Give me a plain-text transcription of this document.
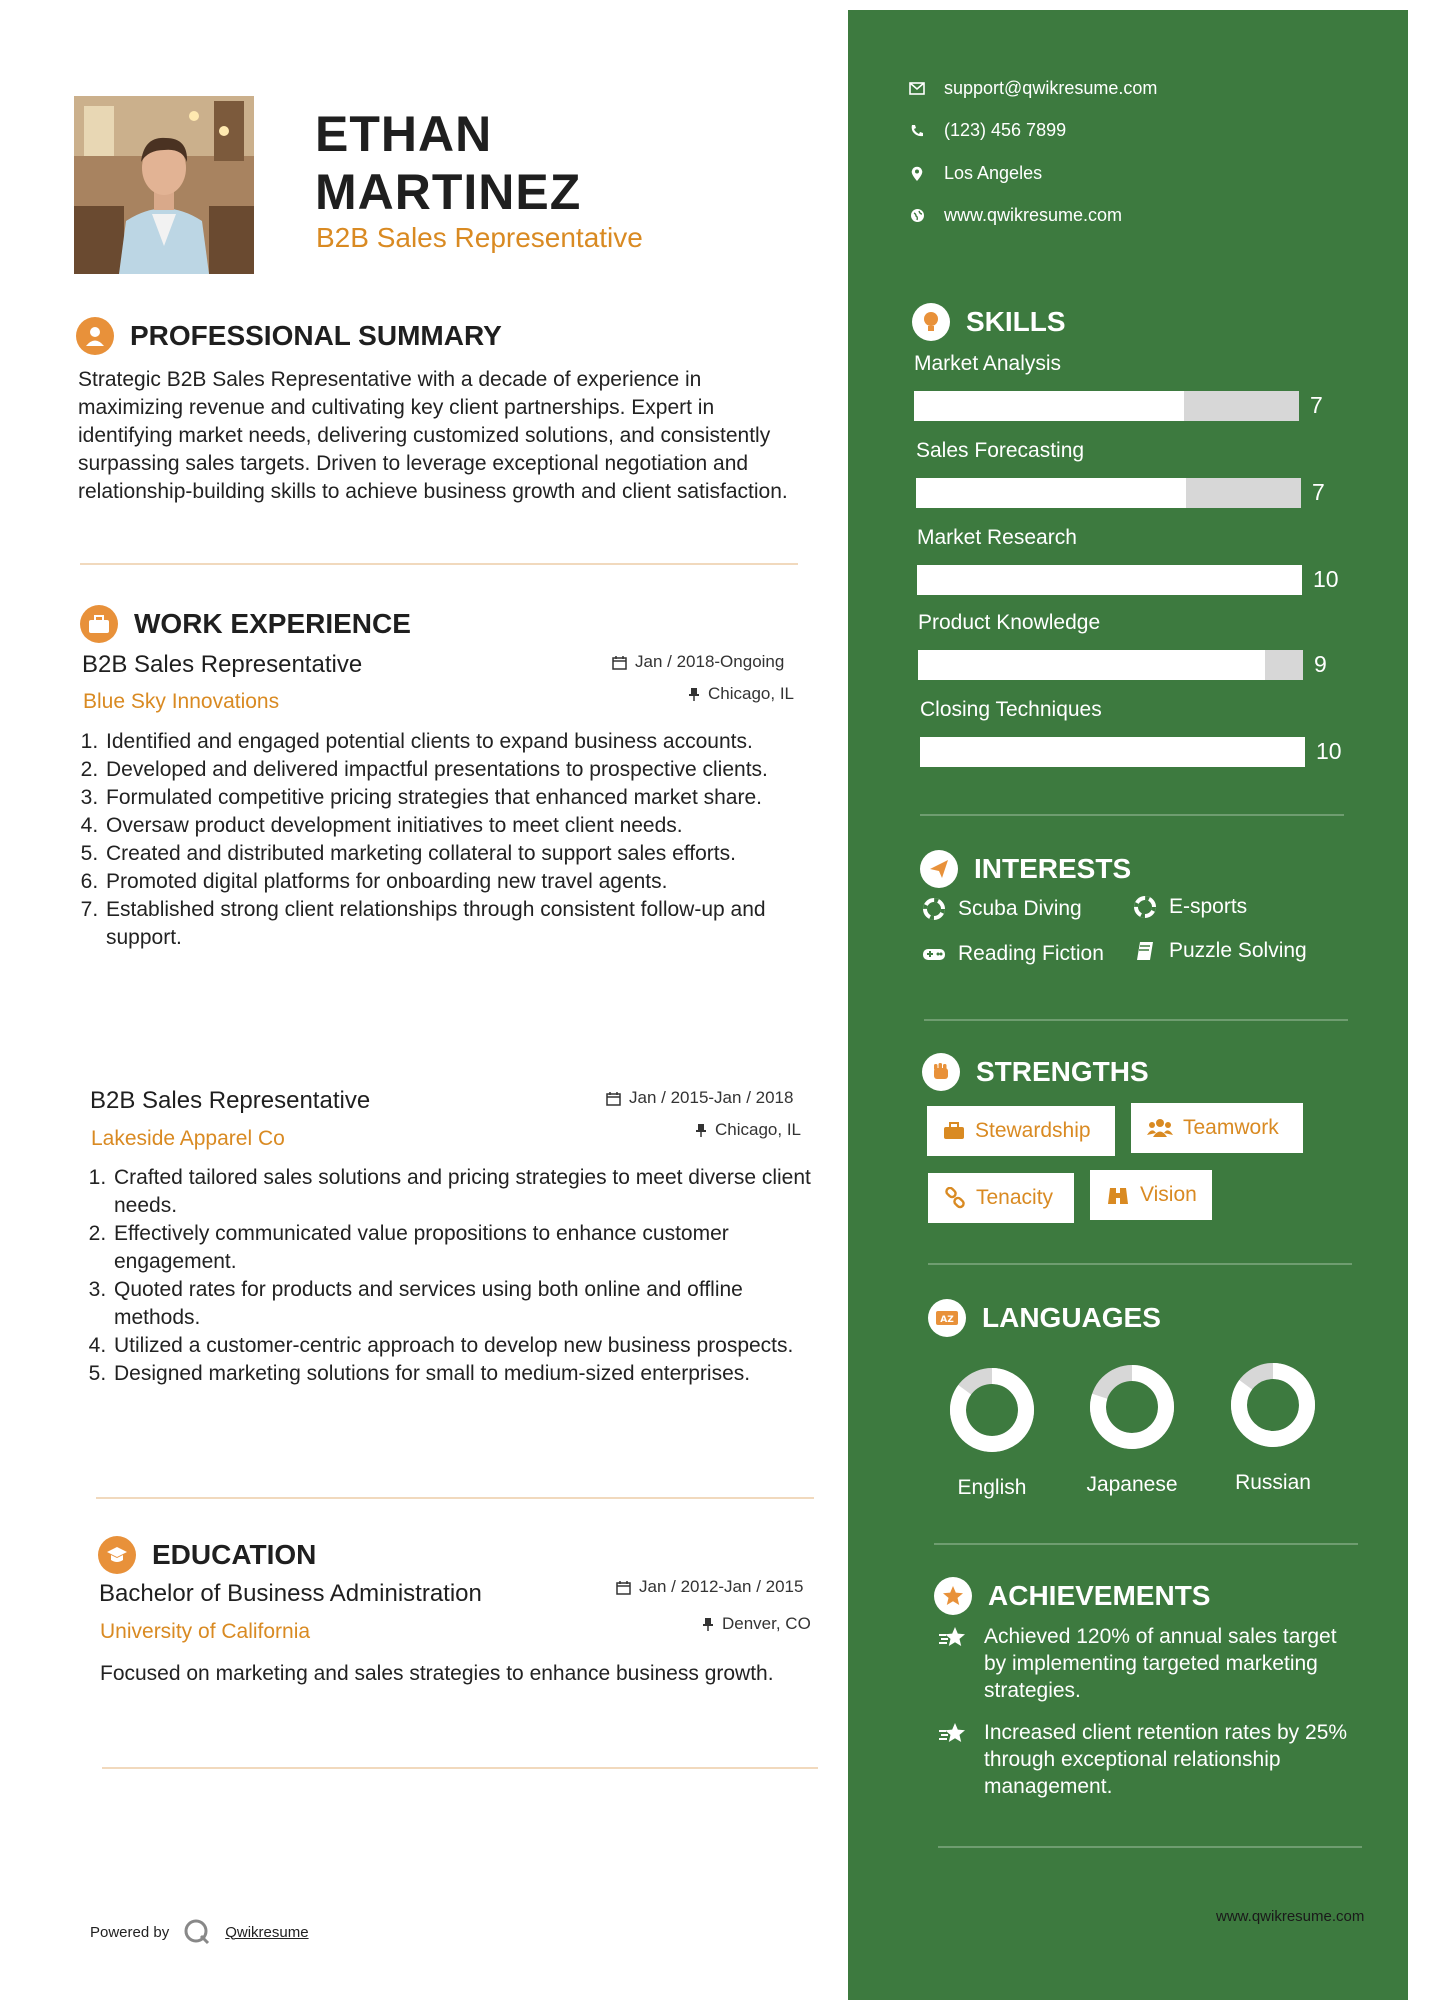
ETHAN
MARTINEZ
B2B Sales Representative
PROFESSIONAL SUMMARY
Strategic B2B Sales Representative with a decade of experience in maximizing revenue and cultivating key client partnerships. Expert in identifying market needs, delivering customized solutions, and consistently surpassing sales targets. Driven to leverage exceptional negotiation and relationship-building skills to achieve business growth and client satisfaction.
WORK EXPERIENCE
B2B Sales Representative
Blue Sky Innovations
Jan / 2018-Ongoing
Chicago, IL
1. Identified and engaged potential clients to expand business accounts.
2. Developed and delivered impactful presentations to prospective clients.
3. Formulated competitive pricing strategies that enhanced market share.
4. Oversaw product development initiatives to meet client needs.
5. Created and distributed marketing collateral to support sales efforts.
6. Promoted digital platforms for onboarding new travel agents.
7. Established strong client relationships through consistent follow-up and support.
B2B Sales Representative
Lakeside Apparel Co
Jan / 2015-Jan / 2018
Chicago, IL
1. Crafted tailored sales solutions and pricing strategies to meet diverse client needs.
2. Effectively communicated value propositions to enhance customer engagement.
3. Quoted rates for products and services using both online and offline methods.
4. Utilized a customer-centric approach to develop new business prospects.
5. Designed marketing solutions for small to medium-sized enterprises.
EDUCATION
Bachelor of Business Administration
University of California
Jan / 2012-Jan / 2015
Denver, CO
Focused on marketing and sales strategies to enhance business growth.
Powered by	Qwikresume
support@qwikresume.com
(123) 456 7899
Los Angeles
www.qwikresume.com
SKILLS
Market Analysis
7
Sales Forecasting
7
Market Research
10
Product Knowledge
9
Closing Techniques
10
INTERESTS
Scuba Diving	E-sports
Reading Fiction	Puzzle Solving
STRENGTHS
Stewardship	Teamwork
Tenacity	Vision
AZ LANGUAGES
English	Japanese	Russian
ACHIEVEMENTS
Achieved 120% of annual sales target by implementing targeted marketing strategies.
Increased client retention rates by 25% through exceptional relationship management.
www.qwikresume.com
